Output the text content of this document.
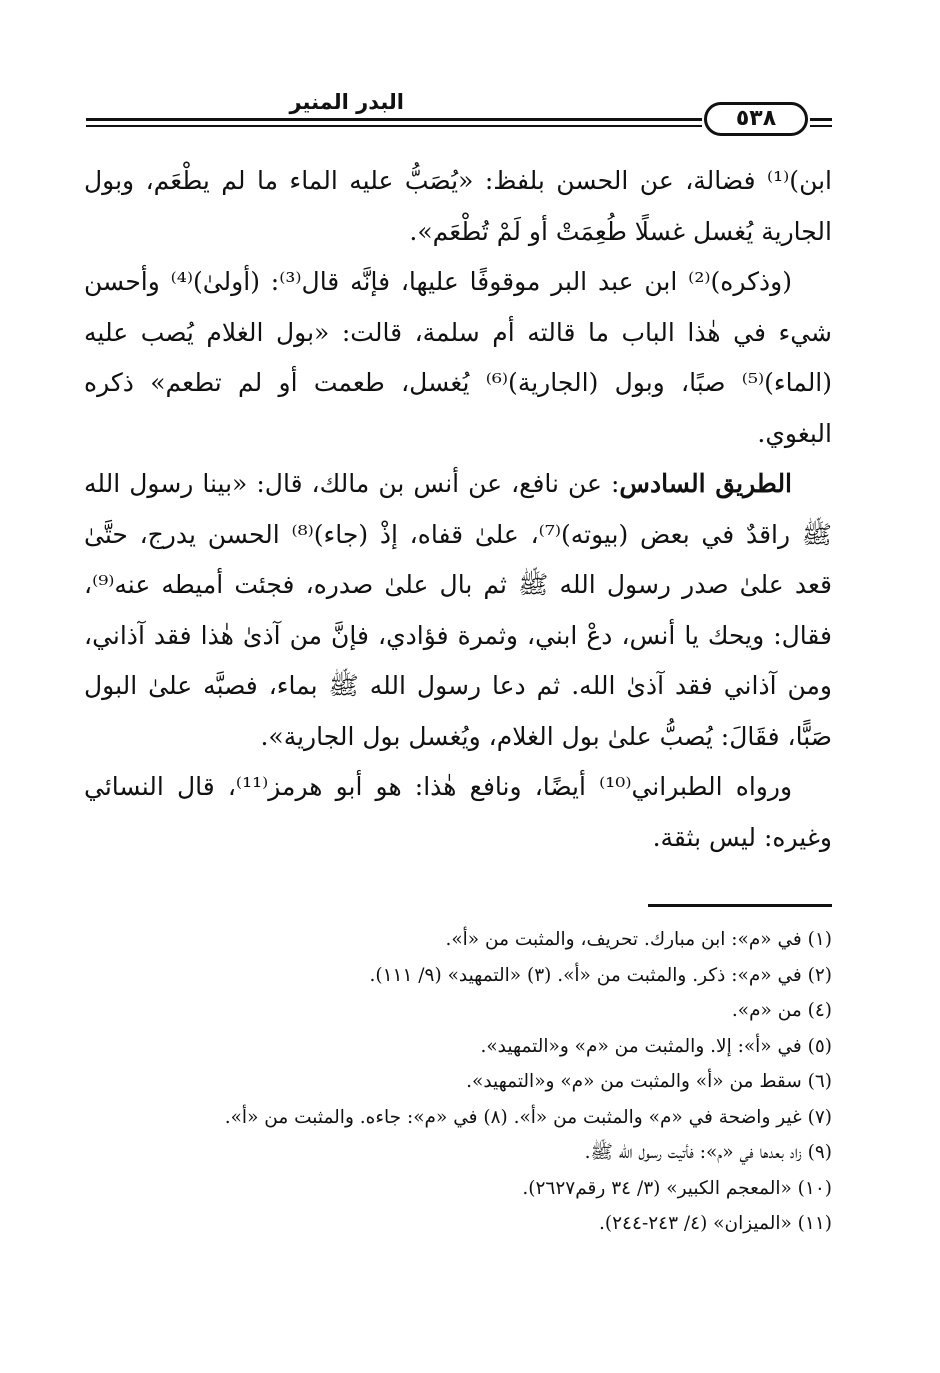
البدر المنير
٥٣٨

ابن)⁽¹⁾ فضالة، عن الحسن بلفظ: «يُصَبُّ عليه الماء ما لم يطْعَم، وبول الجارية يُغسل غسلًا طُعِمَتْ أو لَمْ تُطْعَم».

(وذكره)⁽²⁾ ابن عبد البر موقوفًا عليها، فإنَّه قال⁽³⁾: (أولىٰ)⁽⁴⁾ وأحسن شيء في هٰذا الباب ما قالته أم سلمة، قالت: «بول الغلام يُصب عليه (الماء)⁽⁵⁾ صبًا، وبول (الجارية)⁽⁶⁾ يُغسل، طعمت أو لم تطعم» ذكره البغوي.

الطريق السادس: عن نافع، عن أنس بن مالك، قال: «بينا رسول الله ﷺ راقدٌ في بعض (بيوته)⁽⁷⁾، علىٰ قفاه، إذْ (جاء)⁽⁸⁾ الحسن يدرج، حتَّىٰ قعد علىٰ صدر رسول الله ﷺ ثم بال علىٰ صدره، فجئت أميطه عنه⁽⁹⁾، فقال: ويحك يا أنس، دعْ ابني، وثمرة فؤادي، فإنَّ من آذىٰ هٰذا فقد آذاني، ومن آذاني فقد آذىٰ الله. ثم دعا رسول الله ﷺ بماء، فصبَّه علىٰ البول صَبًّا، فقَالَ: يُصبُّ علىٰ بول الغلام، ويُغسل بول الجارية».

ورواه الطبراني⁽¹⁰⁾ أيضًا، ونافع هٰذا: هو أبو هرمز⁽¹¹⁾، قال النسائي وغيره: ليس بثقة.

(١) في «م»: ابن مبارك. تحريف، والمثبت من «أ».
(٢) في «م»: ذكر. والمثبت من «أ». (٣) «التمهيد» (٩/ ١١١).
(٤) من «م».
(٥) في «أ»: إلا. والمثبت من «م» و«التمهيد».
(٦) سقط من «أ» والمثبت من «م» و«التمهيد».
(٧) غير واضحة في «م» والمثبت من «أ». (٨) في «م»: جاءه. والمثبت من «أ».
(٩) زاد بعدها في «م»: فأتيت رسول الله ﷺ.
(١٠) «المعجم الكبير» (٣/ ٣٤ رقم٢٦٢٧).
(١١) «الميزان» (٤/ ٢٤٣-٢٤٤).
